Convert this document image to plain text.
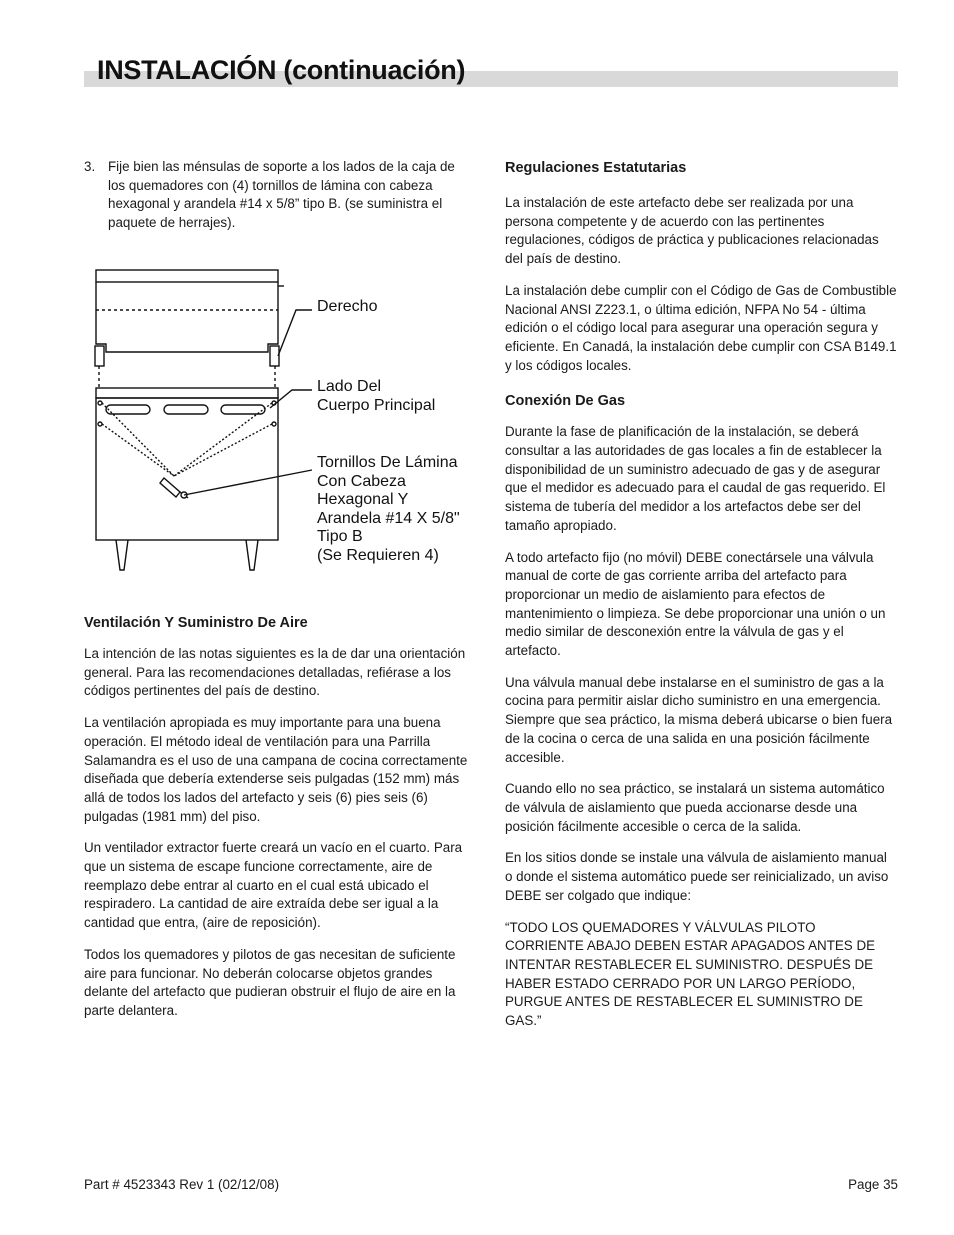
INSTALACIÓN (continuación)
3. Fije bien las ménsulas de soporte a los lados de la caja de los quemadores con (4) tornillos de lámina con cabeza hexagonal y arandela #14 x 5/8” tipo B. (se suministra el paquete de herrajes).
Derecho
Lado Del
Cuerpo Principal
Tornillos De Lámina
Con Cabeza
Hexagonal Y
Arandela #14 X 5/8"
Tipo B
(Se Requieren 4)
Ventilación Y Suministro De Aire

La intención de las notas siguientes es la de dar una orientación general. Para las recomendaciones detalladas, refiérase a los códigos pertinentes del país de destino.

La ventilación apropiada es muy importante para una buena operación. El método ideal de ventilación para una Parrilla Salamandra es el uso de una campana de cocina correctamente diseñada que debería extenderse seis pulgadas (152 mm) más allá de todos los lados del artefacto y seis (6) pies seis (6) pulgadas (1981 mm) del piso.

Un ventilador extractor fuerte creará un vacío en el cuarto. Para que un sistema de escape funcione correctamente, aire de reemplazo debe entrar al cuarto en el cual está ubicado el respiradero. La cantidad de aire extraída debe ser igual a la cantidad que entra, (aire de reposición).

Todos los quemadores y pilotos de gas necesitan de suficiente aire para funcionar. No deberán colocarse objetos grandes delante del artefacto que pudieran obstruir el flujo de aire en la parte delantera.

Regulaciones Estatutarias

La instalación de este artefacto debe ser realizada por una persona competente y de acuerdo con las pertinentes regulaciones, códigos de práctica y publicaciones relacionadas del país de destino.

La instalación debe cumplir con el Código de Gas de Combustible Nacional ANSI Z223.1, o última edición, NFPA No 54 - última edición o el código local para asegurar una operación segura y eficiente. En Canadá, la instalación debe cumplir con CSA B149.1 y los códigos locales.

Conexión De Gas

Durante la fase de planificación de la instalación, se deberá consultar a las autoridades de gas locales a fin de establecer la disponibilidad de un suministro adecuado de gas y de asegurar que el medidor es adecuado para el caudal de gas requerido. El sistema de tubería del medidor a los artefactos debe ser del tamaño apropiado.

A todo artefacto fijo (no móvil) DEBE conectársele una válvula manual de corte de gas corriente arriba del artefacto para proporcionar un medio de aislamiento para efectos de mantenimiento o limpieza. Se debe proporcionar una unión o un medio similar de desconexión entre la válvula de gas y el artefacto.

Una válvula manual debe instalarse en el suministro de gas a la cocina para permitir aislar dicho suministro en una emergencia. Siempre que sea práctico, la misma deberá ubicarse o bien fuera de la cocina o cerca de una salida en una posición fácilmente accesible.

Cuando ello no sea práctico, se instalará un sistema automático de válvula de aislamiento que pueda accionarse desde una posición fácilmente accesible o cerca de la salida.

En los sitios donde se instale una válvula de aislamiento manual o donde el sistema automático puede ser reinicializado, un aviso DEBE ser colgado que indique:

“TODO LOS QUEMADORES Y VÁLVULAS PILOTO CORRIENTE ABAJO DEBEN ESTAR APAGADOS ANTES DE INTENTAR RESTABLECER EL SUMINISTRO. DESPUÉS DE HABER ESTADO CERRADO POR UN LARGO PERÍODO, PURGUE ANTES DE RESTABLECER EL SUMINISTRO DE GAS.”

Part # 4523343 Rev 1 (02/12/08)	Page 35
